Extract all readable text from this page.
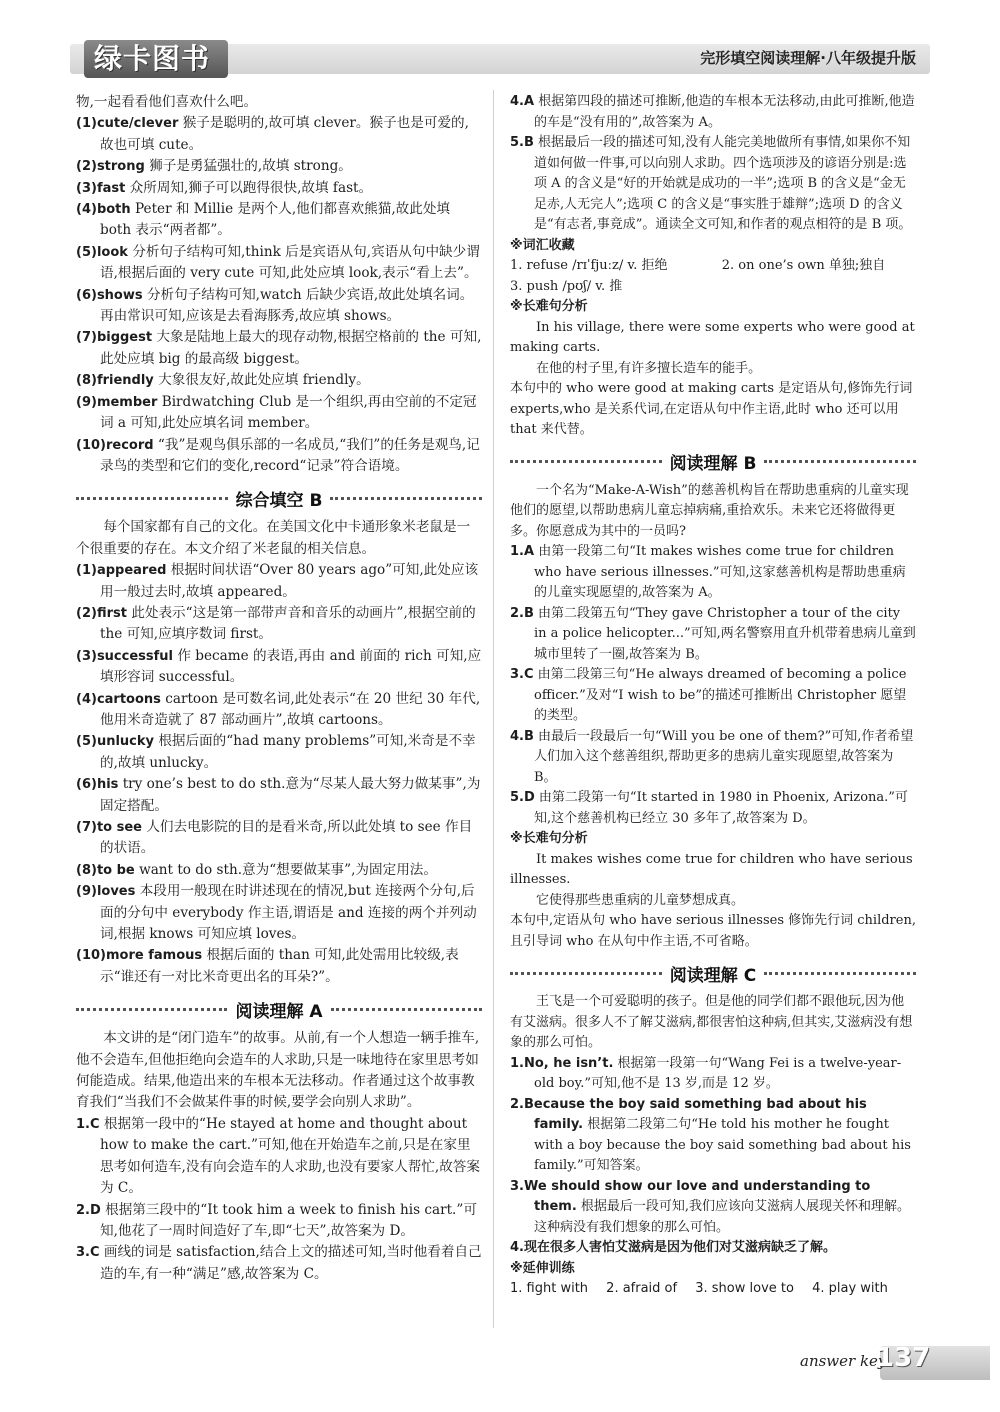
绿卡图书	完形填空阅读理解·八年级提升版

物,一起看看他们喜欢什么吧。

(1)cute/clever 猴子是聪明的,故可填 clever。猴子也是可爱的,故也可填 cute。

(2)strong 狮子是勇猛强壮的,故填 strong。

(3)fast 众所周知,狮子可以跑得很快,故填 fast。

(4)both Peter 和 Millie 是两个人,他们都喜欢熊猫,故此处填 both 表示“两者都”。

(5)look 分析句子结构可知,think 后是宾语从句,宾语从句中缺少谓语,根据后面的 very cute 可知,此处应填 look,表示“看上去”。

(6)shows 分析句子结构可知,watch 后缺少宾语,故此处填名词。再由常识可知,应该是去看海豚秀,故应填 shows。

(7)biggest 大象是陆地上最大的现存动物,根据空格前的 the 可知,此处应填 big 的最高级 biggest。

(8)friendly 大象很友好,故此处应填 friendly。

(9)member Birdwatching Club 是一个组织,再由空前的不定冠词 a 可知,此处应填名词 member。

(10)record “我”是观鸟俱乐部的一名成员,“我们”的任务是观鸟,记录鸟的类型和它们的变化,record“记录”符合语境。

综合填空 B

每个国家都有自己的文化。在美国文化中卡通形象米老鼠是一个很重要的存在。本文介绍了米老鼠的相关信息。

(1)appeared 根据时间状语“Over 80 years ago”可知,此处应该用一般过去时,故填 appeared。

(2)first 此处表示“这是第一部带声音和音乐的动画片”,根据空前的 the 可知,应填序数词 first。

(3)successful 作 became 的表语,再由 and 前面的 rich 可知,应填形容词 successful。

(4)cartoons cartoon 是可数名词,此处表示“在 20 世纪 30 年代,他用米奇造就了 87 部动画片”,故填 cartoons。

(5)unlucky 根据后面的“had many problems”可知,米奇是不幸的,故填 unlucky。

(6)his try one’s best to do sth.意为“尽某人最大努力做某事”,为固定搭配。

(7)to see 人们去电影院的目的是看米奇,所以此处填 to see 作目的状语。

(8)to be want to do sth.意为“想要做某事”,为固定用法。

(9)loves 本段用一般现在时讲述现在的情况,but 连接两个分句,后面的分句中 everybody 作主语,谓语是 and 连接的两个并列动词,根据 knows 可知应填 loves。

(10)more famous 根据后面的 than 可知,此处需用比较级,表示“谁还有一对比米奇更出名的耳朵?”。

阅读理解 A

本文讲的是“闭门造车”的故事。从前,有一个人想造一辆手推车,他不会造车,但他拒绝向会造车的人求助,只是一味地待在家里思考如何能造成。结果,他造出来的车根本无法移动。作者通过这个故事教育我们“当我们不会做某件事的时候,要学会向别人求助”。

1.C 根据第一段中的“He stayed at home and thought about how to make the cart.”可知,他在开始造车之前,只是在家里思考如何造车,没有向会造车的人求助,也没有要家人帮忙,故答案为 C。

2.D 根据第三段中的“It took him a week to finish his cart.”可知,他花了一周时间造好了车,即“七天”,故答案为 D。

3.C 画线的词是 satisfaction,结合上文的描述可知,当时他看着自己造的车,有一种“满足”感,故答案为 C。

4.A 根据第四段的描述可推断,他造的车根本无法移动,由此可推断,他造的车是“没有用的”,故答案为 A。

5.B 根据最后一段的描述可知,没有人能完美地做所有事情,如果你不知道如何做一件事,可以向别人求助。四个选项涉及的谚语分别是:选项 A 的含义是“好的开始就是成功的一半”;选项 B 的含义是“金无足赤,人无完人”;选项 C 的含义是“事实胜于雄辩”;选项 D 的含义是“有志者,事竟成”。通读全文可知,和作者的观点相符的是 B 项。

※词汇收藏

1. refuse /rɪˈfjuːz/ v. 拒绝	2. on one’s own 单独;独自

3. push /pʊʃ/ v. 推

※长难句分析

In his village, there were some experts who were good at making carts.

在他的村子里,有许多擅长造车的能手。

本句中的 who were good at making carts 是定语从句,修饰先行词 experts,who 是关系代词,在定语从句中作主语,此时 who 还可以用 that 来代替。

阅读理解 B

一个名为“Make-A-Wish”的慈善机构旨在帮助患重病的儿童实现他们的愿望,以帮助患病儿童忘掉病痛,重拾欢乐。未来它还将做得更多。你愿意成为其中的一员吗?

1.A 由第一段第二句“It makes wishes come true for children who have serious illnesses.”可知,这家慈善机构是帮助患重病的儿童实现愿望的,故答案为 A。

2.B 由第二段第五句“They gave Christopher a tour of the city in a police helicopter...”可知,两名警察用直升机带着患病儿童到城市里转了一圈,故答案为 B。

3.C 由第二段第三句“He always dreamed of becoming a police officer.”及对“I wish to be”的描述可推断出 Christopher 愿望的类型。

4.B 由最后一段最后一句“Will you be one of them?”可知,作者希望人们加入这个慈善组织,帮助更多的患病儿童实现愿望,故答案为 B。

5.D 由第二段第一句“It started in 1980 in Phoenix, Arizona.”可知,这个慈善机构已经立 30 多年了,故答案为 D。

※长难句分析

It makes wishes come true for children who have serious illnesses.

它使得那些患重病的儿童梦想成真。

本句中,定语从句 who have serious illnesses 修饰先行词 children,且引导词 who 在从句中作主语,不可省略。

阅读理解 C

王飞是一个可爱聪明的孩子。但是他的同学们都不跟他玩,因为他有艾滋病。很多人不了解艾滋病,都很害怕这种病,但其实,艾滋病没有想象的那么可怕。

1.No, he isn’t. 根据第一段第一句“Wang Fei is a twelve-year-old boy.”可知,他不是 13 岁,而是 12 岁。

2.Because the boy said something bad about his family. 根据第二段第二句“He told his mother he fought with a boy because the boy said something bad about his family.”可知答案。

3.We should show our love and understanding to them. 根据最后一段可知,我们应该向艾滋病人展现关怀和理解。这种病没有我们想象的那么可怕。

4.现在很多人害怕艾滋病是因为他们对艾滋病缺乏了解。

※延伸训练

1. fight with 2. afraid of 3. show love to 4. play with

answer key
137
